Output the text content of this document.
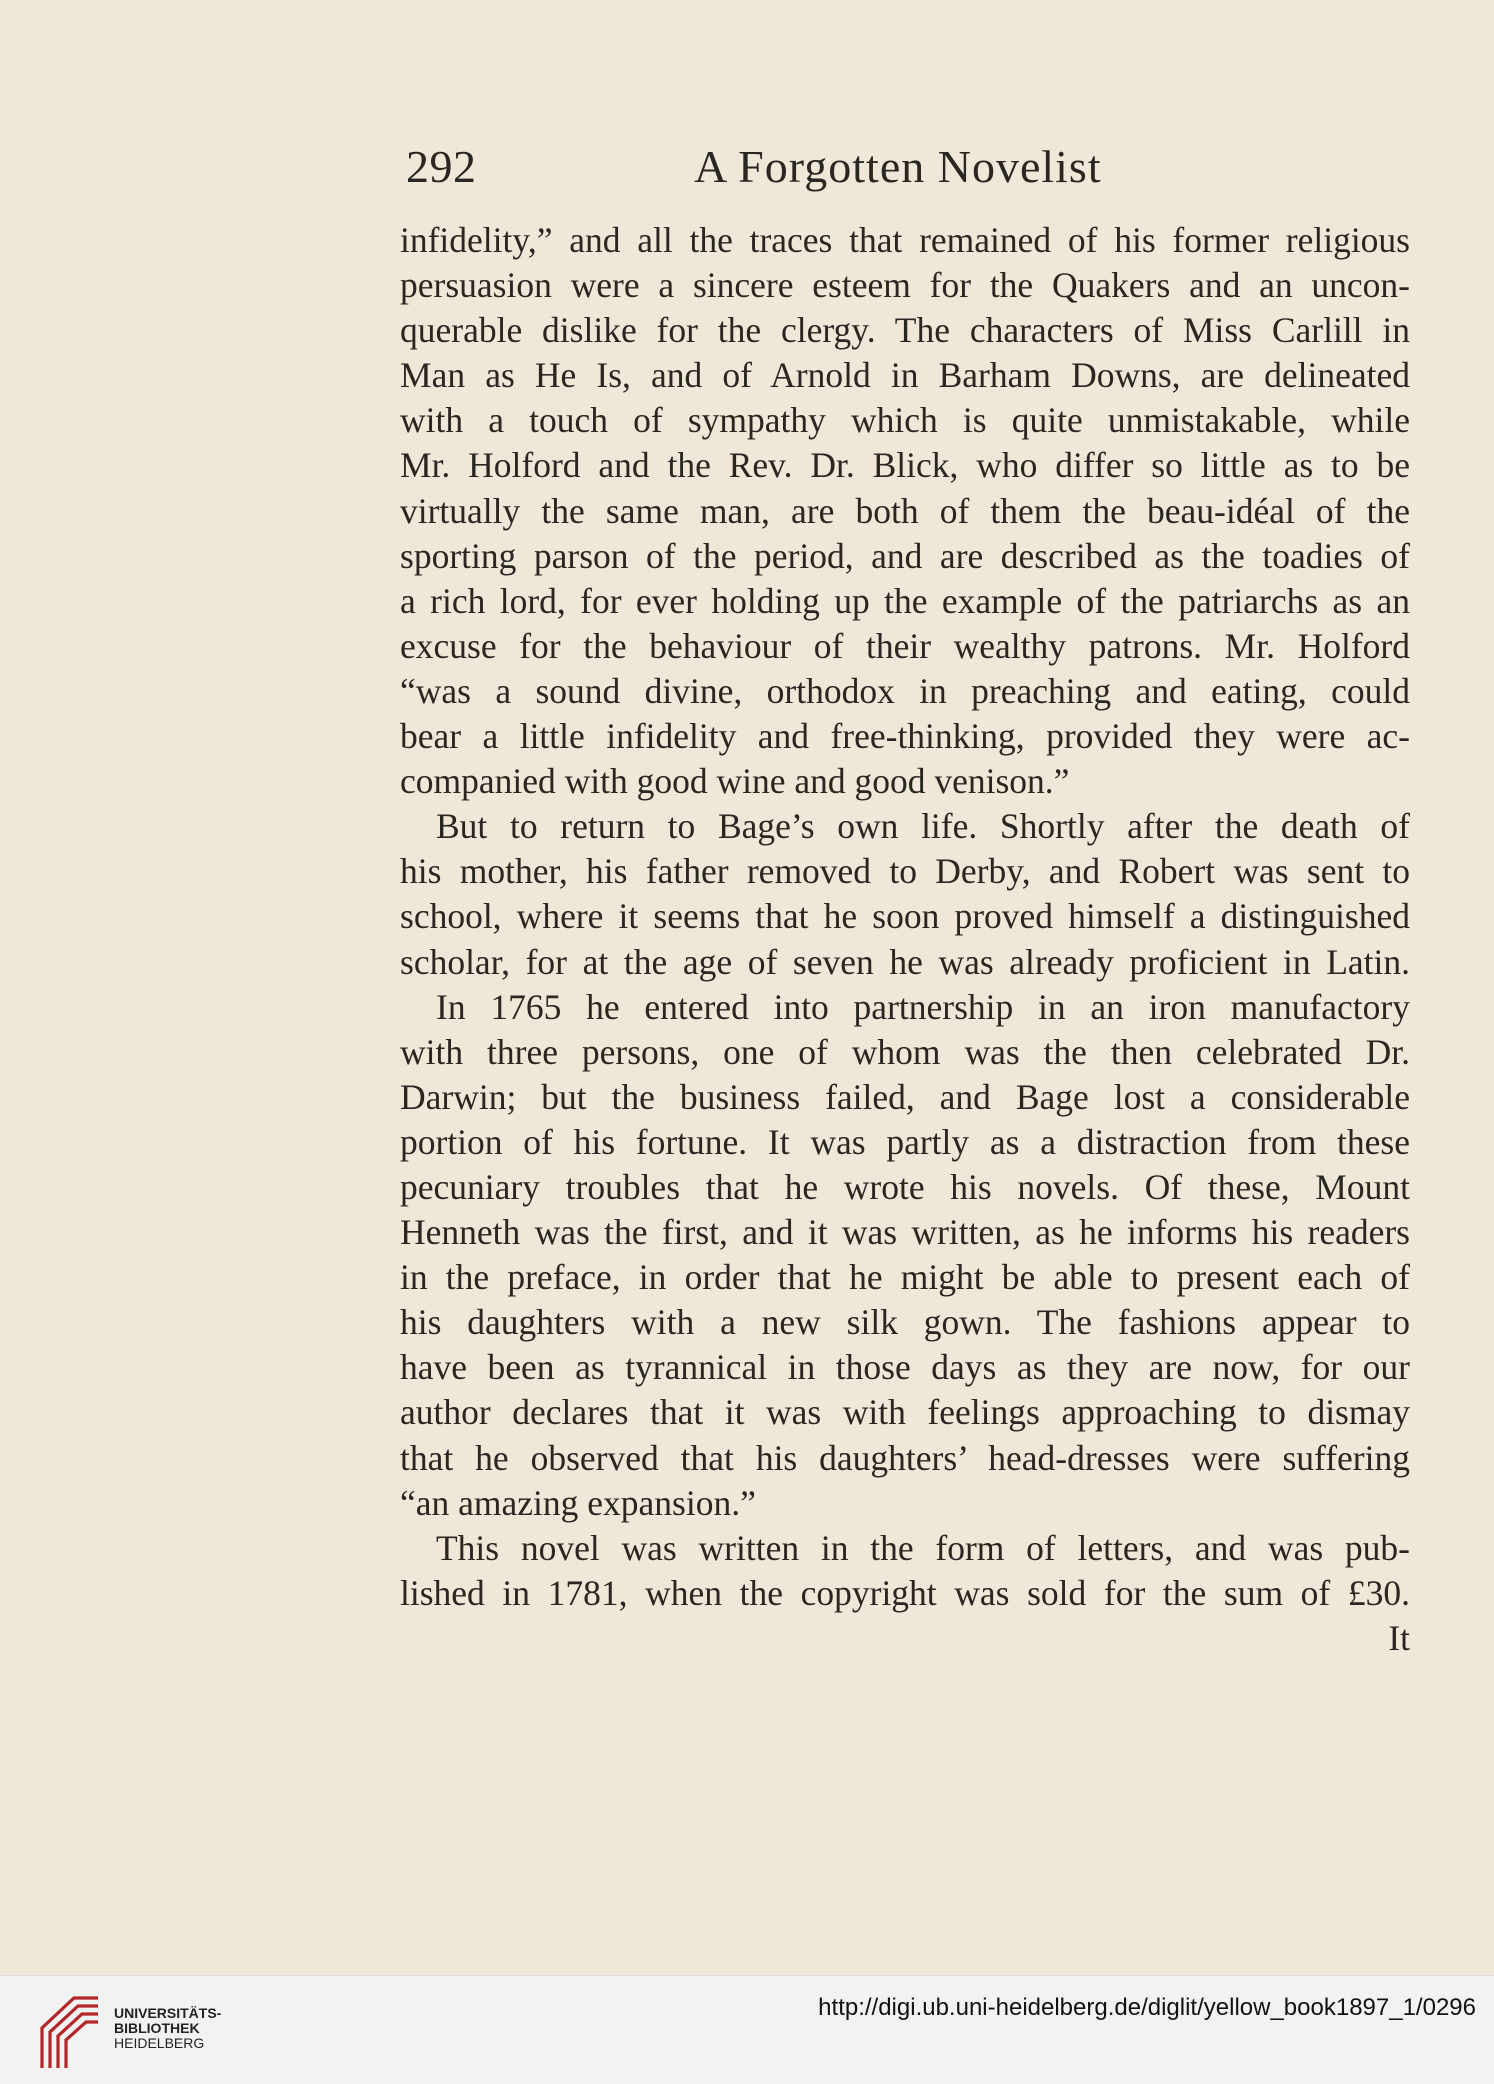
292	A Forgotten Novelist
infidelity,” and all the traces that remained of his former religious
persuasion were a sincere esteem for the Quakers and an uncon-
querable dislike for the clergy. The characters of Miss Carlill in
Man as He Is, and of Arnold in Barham Downs, are delineated
with a touch of sympathy which is quite unmistakable, while
Mr. Holford and the Rev. Dr. Blick, who differ so little as to be
virtually the same man, are both of them the beau-idéal of the
sporting parson of the period, and are described as the toadies of
a rich lord, for ever holding up the example of the patriarchs as an
excuse for the behaviour of their wealthy patrons. Mr. Holford
“was a sound divine, orthodox in preaching and eating, could
bear a little infidelity and free-thinking, provided they were ac-
companied with good wine and good venison.”
But to return to Bage’s own life. Shortly after the death of
his mother, his father removed to Derby, and Robert was sent to
school, where it seems that he soon proved himself a distinguished
scholar, for at the age of seven he was already proficient in Latin.
In 1765 he entered into partnership in an iron manufactory
with three persons, one of whom was the then celebrated Dr.
Darwin; but the business failed, and Bage lost a considerable
portion of his fortune. It was partly as a distraction from these
pecuniary troubles that he wrote his novels. Of these, Mount
Henneth was the first, and it was written, as he informs his readers
in the preface, in order that he might be able to present each of
his daughters with a new silk gown. The fashions appear to
have been as tyrannical in those days as they are now, for our
author declares that it was with feelings approaching to dismay
that he observed that his daughters’ head-dresses were suffering
“an amazing expansion.”
This novel was written in the form of letters, and was pub-
lished in 1781, when the copyright was sold for the sum of £30.
It
UNIVERSITÄTS-
BIBLIOTHEK
HEIDELBERG
http://digi.ub.uni-heidelberg.de/diglit/yellow_book1897_1/0296
